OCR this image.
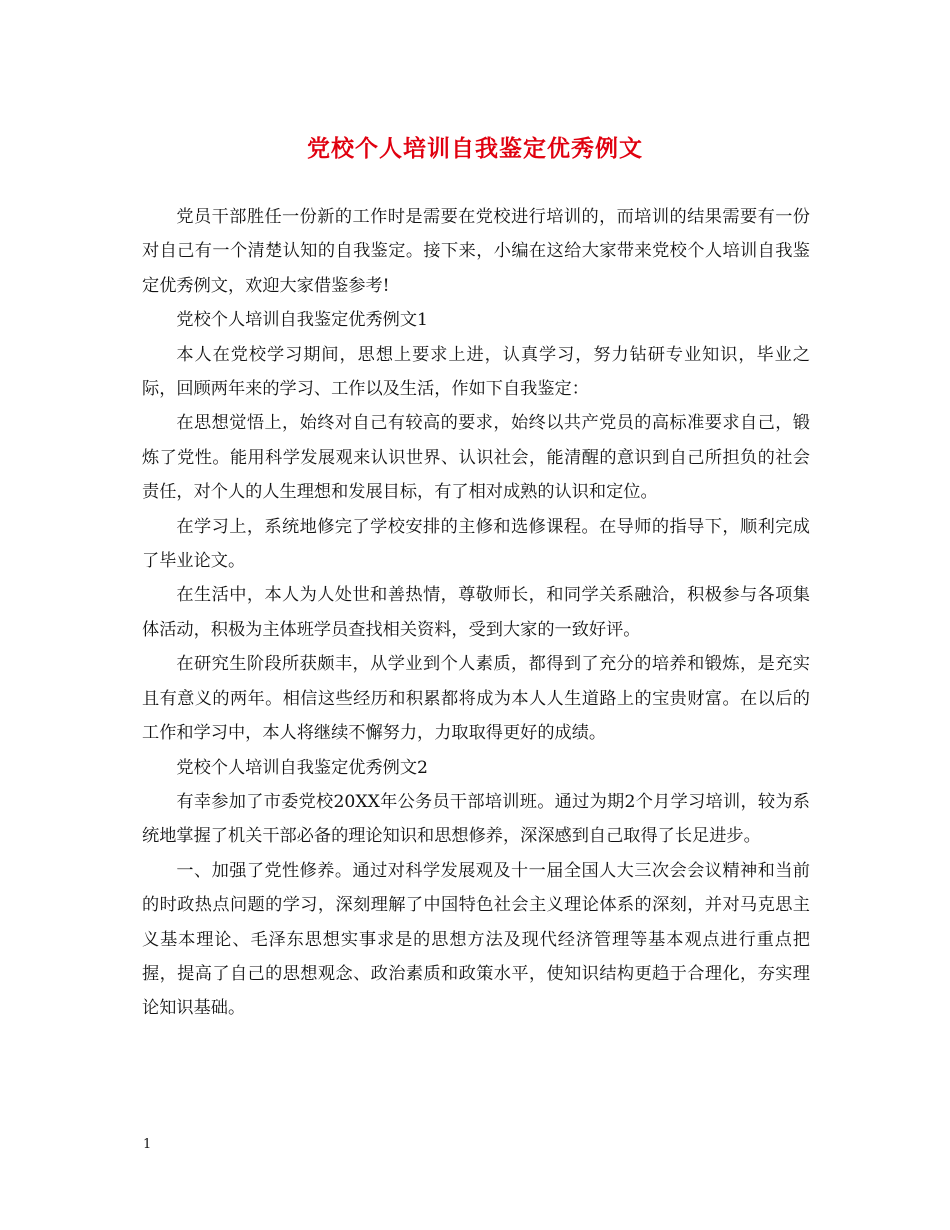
党校个人培训自我鉴定优秀例文

党员干部胜任一份新的工作时是需要在党校进行培训的，而培训的结果需要有一份对自己有一个清楚认知的自我鉴定。接下来，小编在这给大家带来党校个人培训自我鉴定优秀例文，欢迎大家借鉴参考!

党校个人培训自我鉴定优秀例文1

本人在党校学习期间，思想上要求上进，认真学习，努力钻研专业知识，毕业之际，回顾两年来的学习、工作以及生活，作如下自我鉴定：

在思想觉悟上，始终对自己有较高的要求，始终以共产党员的高标准要求自己，锻炼了党性。能用科学发展观来认识世界、认识社会，能清醒的意识到自己所担负的社会责任，对个人的人生理想和发展目标，有了相对成熟的认识和定位。

在学习上，系统地修完了学校安排的主修和选修课程。在导师的指导下，顺利完成了毕业论文。

在生活中，本人为人处世和善热情，尊敬师长，和同学关系融洽，积极参与各项集体活动，积极为主体班学员查找相关资料，受到大家的一致好评。

在研究生阶段所获颇丰，从学业到个人素质，都得到了充分的培养和锻炼，是充实且有意义的两年。相信这些经历和积累都将成为本人人生道路上的宝贵财富。在以后的工作和学习中，本人将继续不懈努力，力取取得更好的成绩。

党校个人培训自我鉴定优秀例文2

有幸参加了市委党校20XX年公务员干部培训班。通过为期2个月学习培训，较为系统地掌握了机关干部必备的理论知识和思想修养，深深感到自己取得了长足进步。

一、加强了党性修养。通过对科学发展观及十一届全国人大三次会会议精神和当前的时政热点问题的学习，深刻理解了中国特色社会主义理论体系的深刻，并对马克思主义基本理论、毛泽东思想实事求是的思想方法及现代经济管理等基本观点进行重点把握，提高了自己的思想观念、政治素质和政策水平，使知识结构更趋于合理化，夯实理论知识基础。

1
